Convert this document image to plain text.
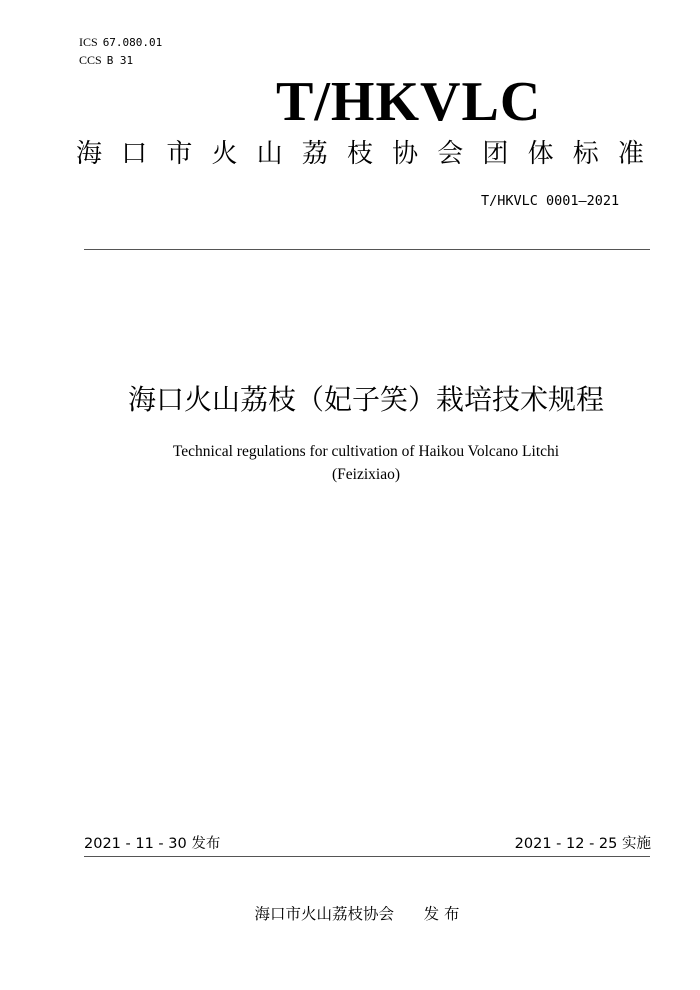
ICS 67.080.01
CCS B 31
T/HKVLC
海 口 市 火 山 荔 枝 协 会 团 体 标 准
T/HKVLC 0001—2021
海口火山荔枝（妃子笑）栽培技术规程
Technical regulations for cultivation of Haikou Volcano Litchi
(Feizixiao)
2021 - 11 - 30 发布	2021 - 12 - 25 实施
海口市火山荔枝协会      发 布
